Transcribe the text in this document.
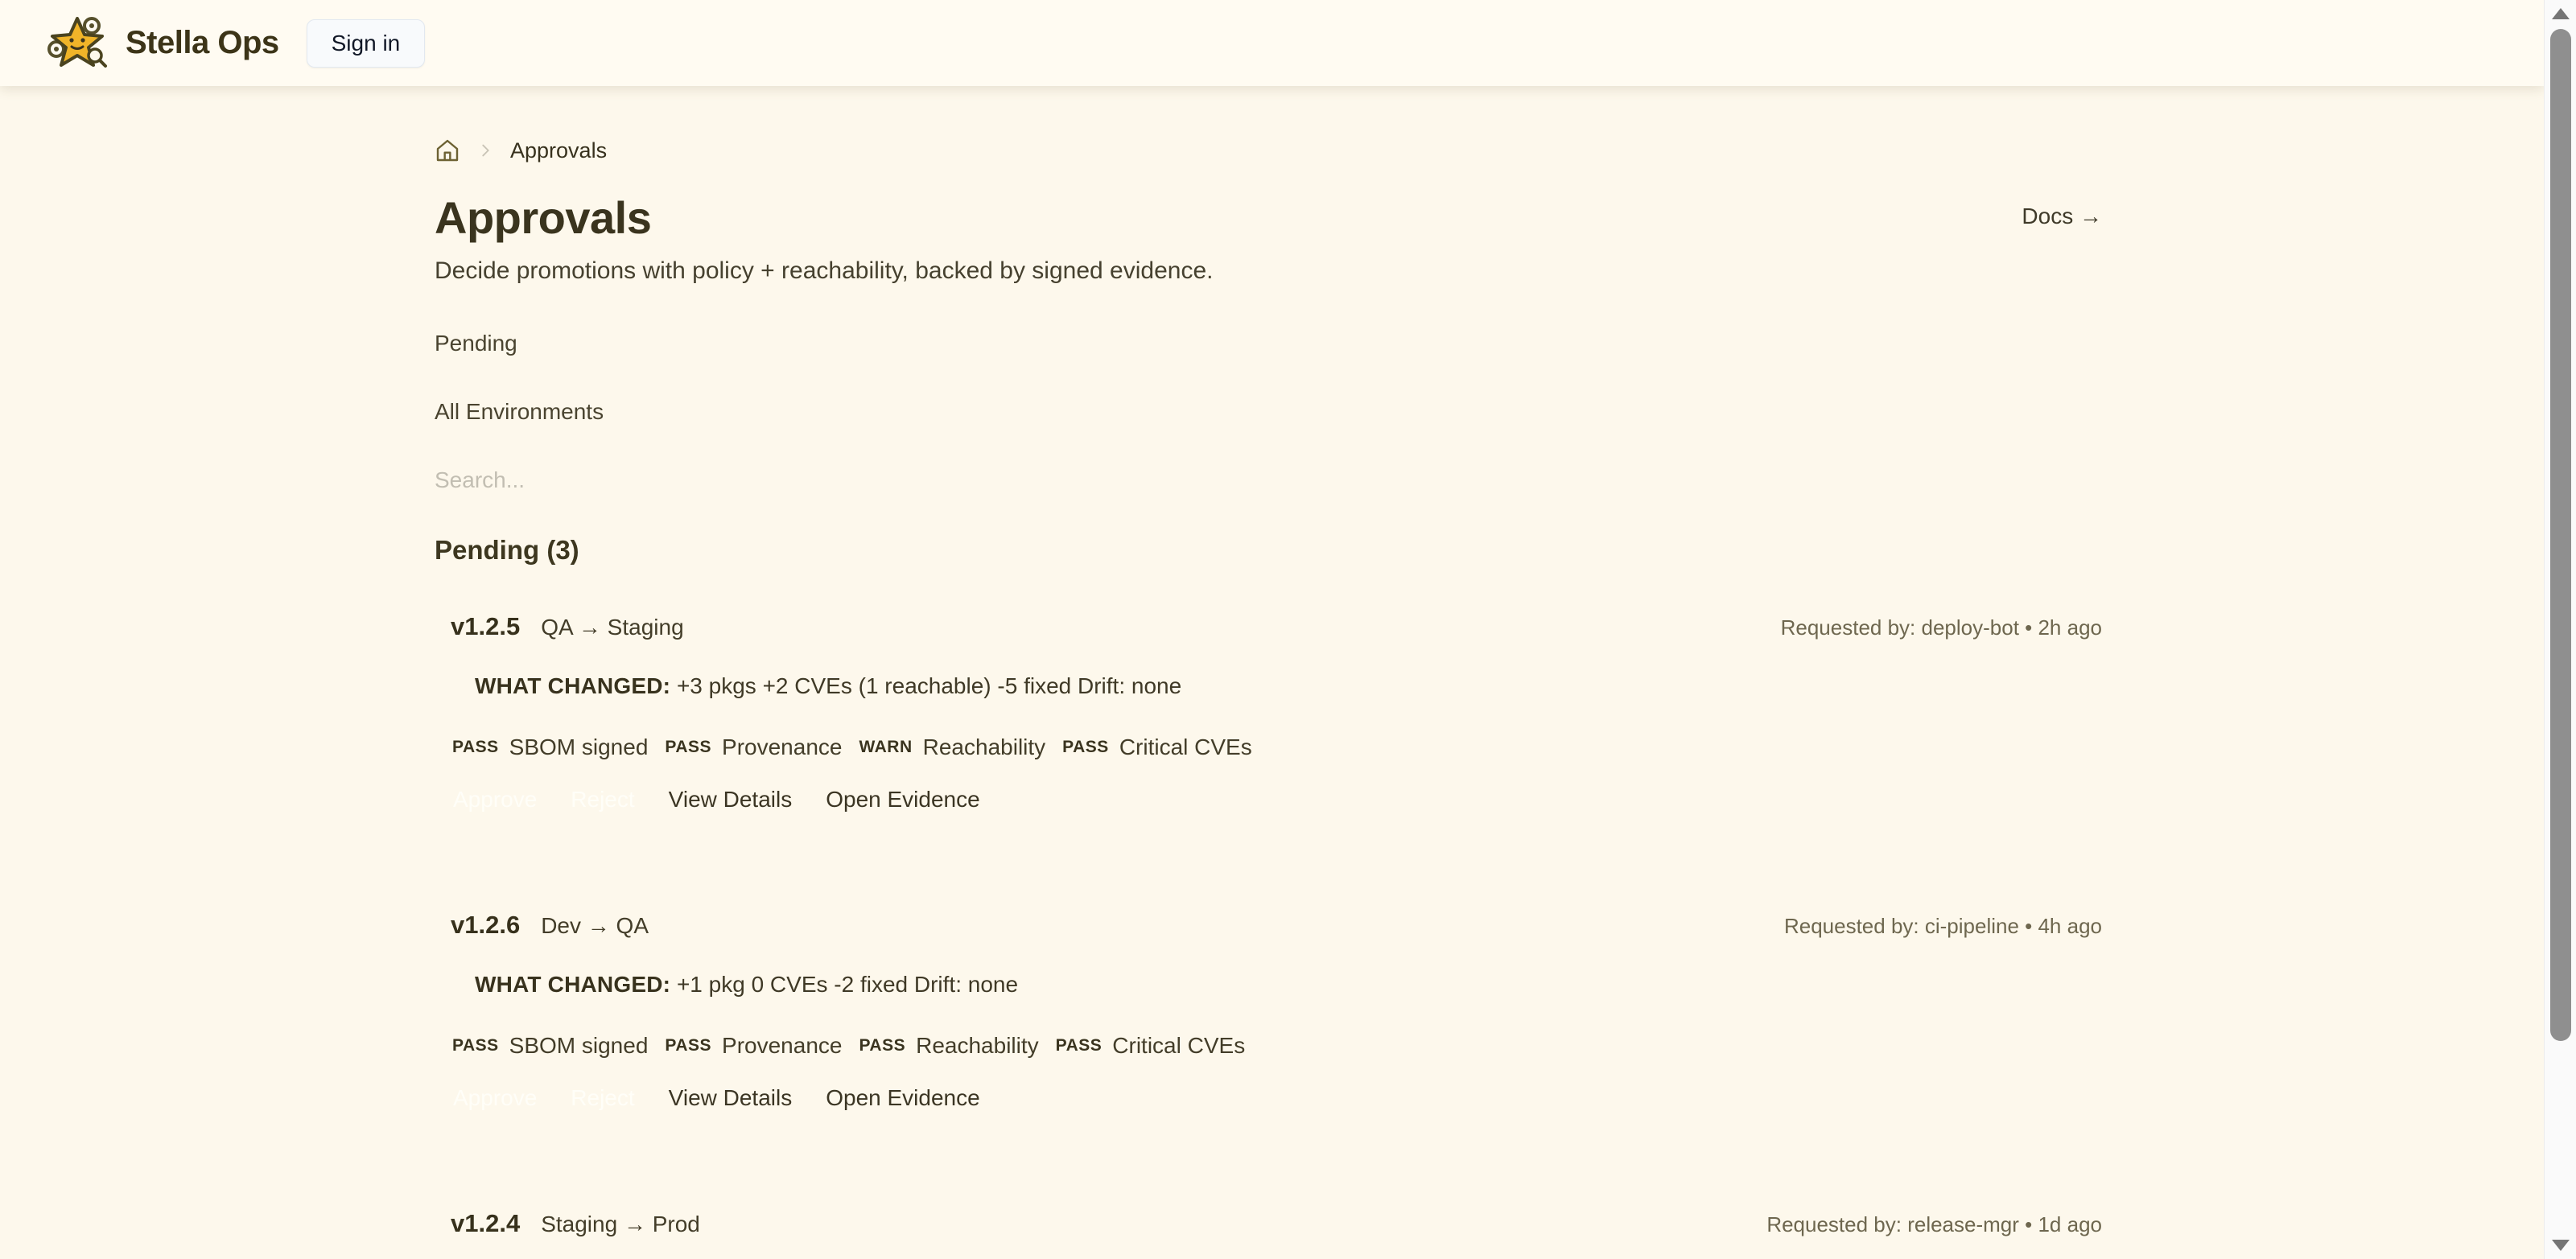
Stella Ops	Sign in
Approvals
Approvals	Docs →
Decide promotions with policy + reachability, backed by signed evidence.
Pending
All Environments
Search...
Pending (3)
v1.2.5 QA → Staging	Requested by: deploy-bot • 2h ago
WHAT CHANGED: +3 pkgs +2 CVEs (1 reachable) -5 fixed Drift: none
PASS SBOM signed PASS Provenance WARN Reachability PASS Critical CVEs
Approve Reject View Details Open Evidence
v1.2.6 Dev → QA	Requested by: ci-pipeline • 4h ago
WHAT CHANGED: +1 pkg 0 CVEs -2 fixed Drift: none
PASS SBOM signed PASS Provenance PASS Reachability PASS Critical CVEs
Approve Reject View Details Open Evidence
v1.2.4 Staging → Prod	Requested by: release-mgr • 1d ago
